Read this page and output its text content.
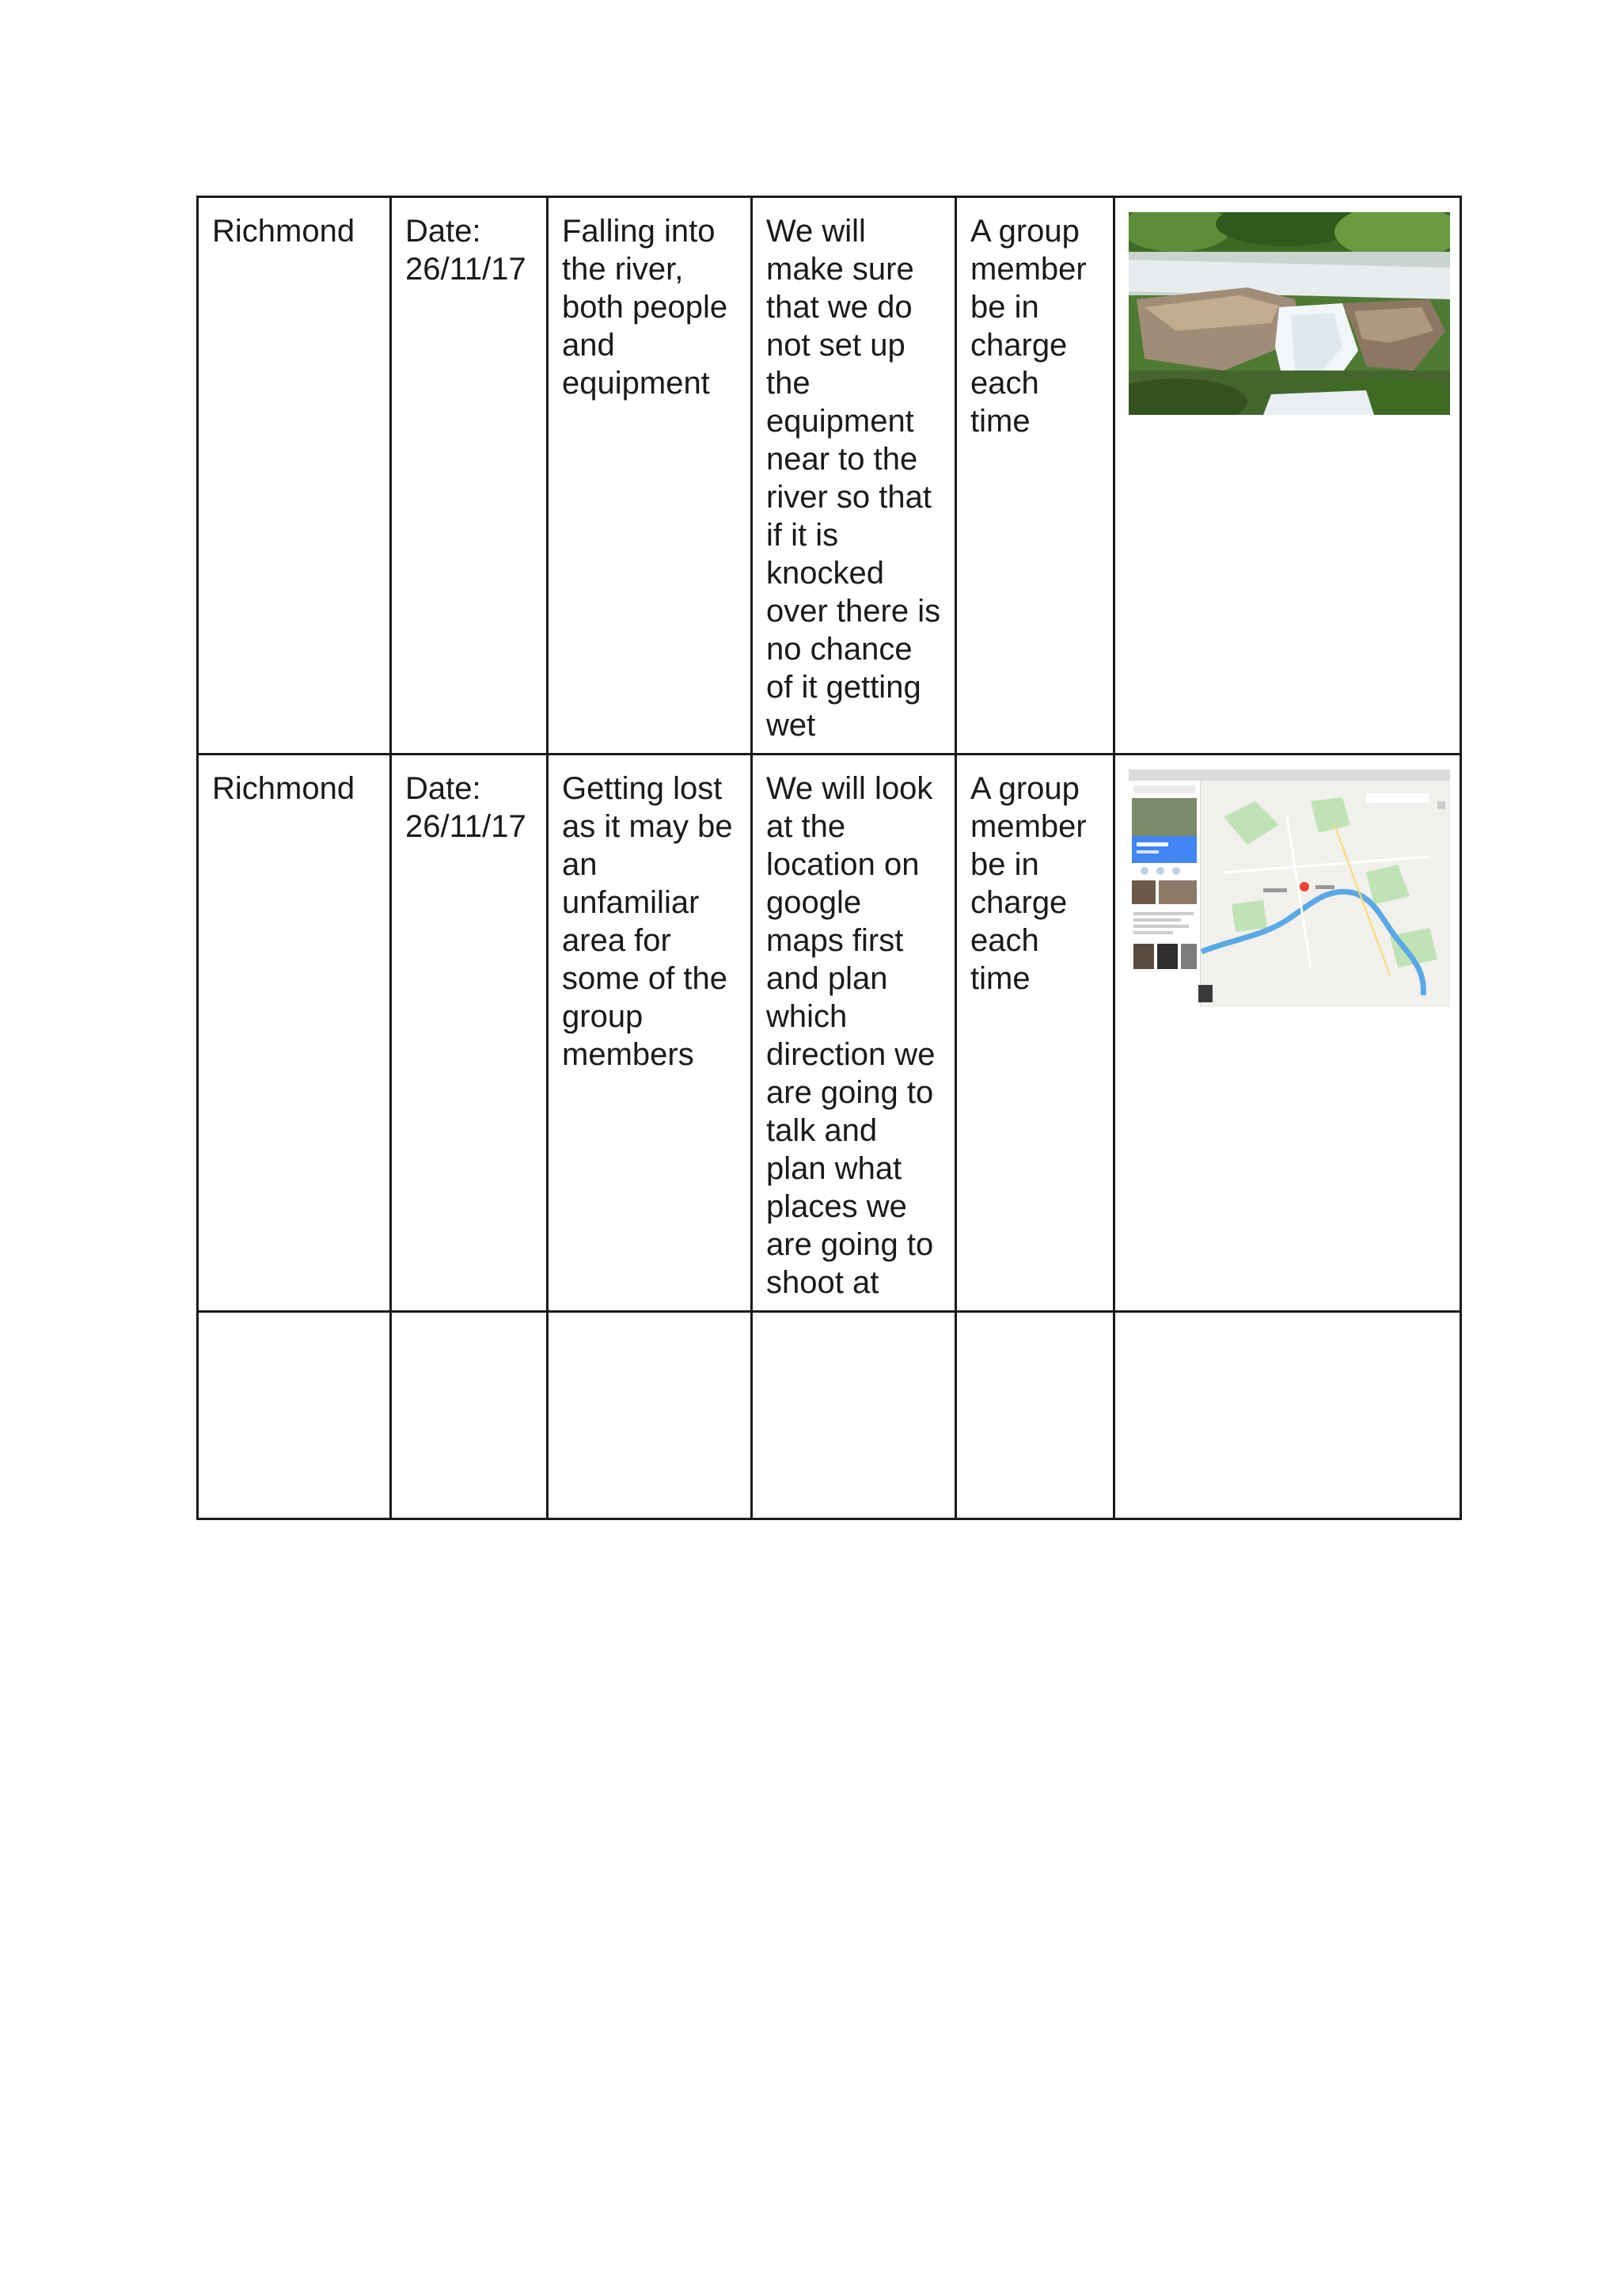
Richmond	Date: 26/11/17	Falling into the river, both people and equipment	We will make sure that we do not set up the equipment near to the river so that if it is knocked over there is no chance of it getting wet	A group member be in charge each time

Richmond	Date: 26/11/17	Getting lost as it may be an unfamiliar area for some of the group members	We will look at the location on google maps first and plan which direction we are going to talk and plan what places we are going to shoot at	A group member be in charge each time
